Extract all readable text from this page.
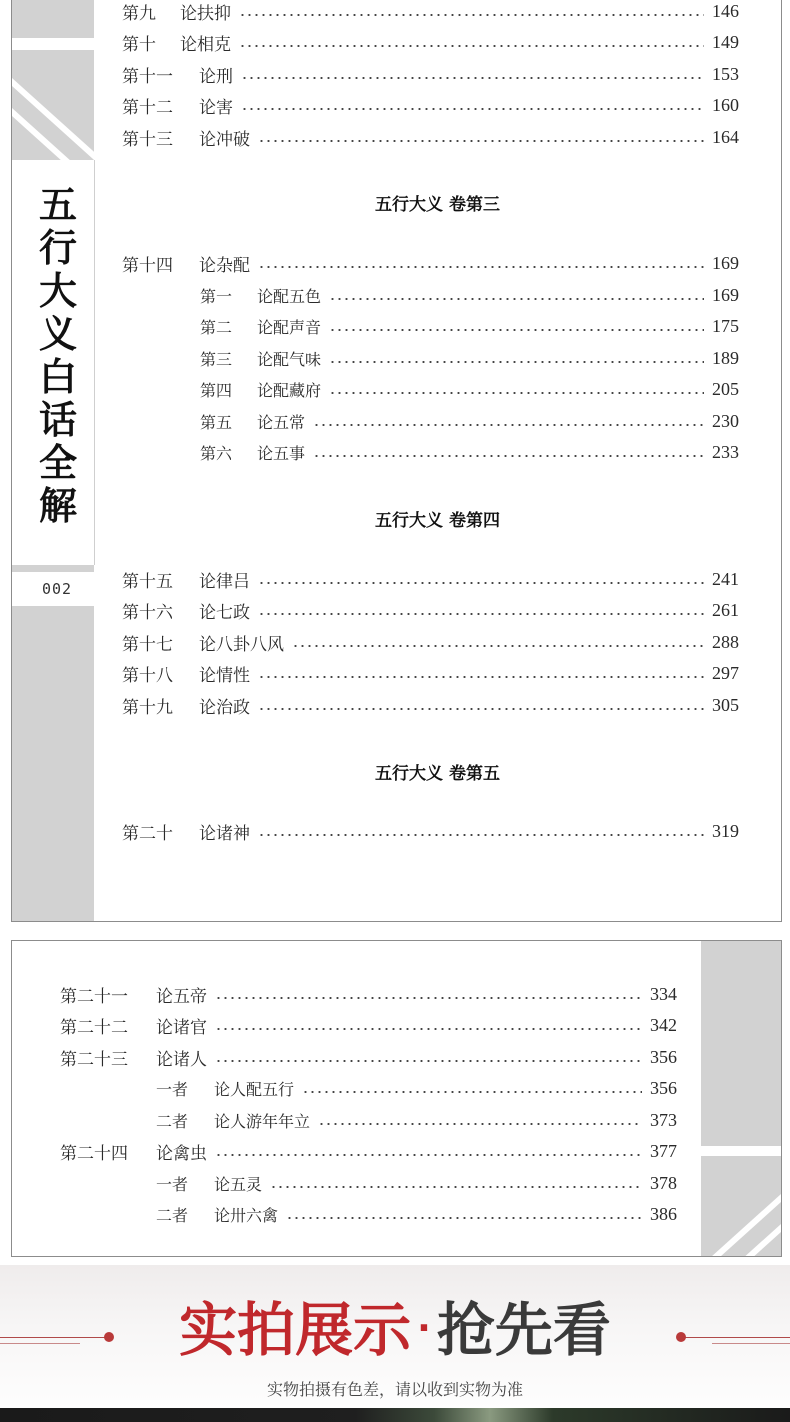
五行大义白话全解
002
第九	论扶抑	146
第十	论相克	149
第十一	论刑	153
第十二	论害	160
第十三	论冲破	164
五行大义 卷第三
第十四	论杂配	169
第一	论配五色	169
第二	论配声音	175
第三	论配气味	189
第四	论配藏府	205
第五	论五常	230
第六	论五事	233
五行大义 卷第四
第十五	论律吕	241
第十六	论七政	261
第十七	论八卦八风	288
第十八	论情性	297
第十九	论治政	305
五行大义 卷第五
第二十	论诸神	319
第二十一	论五帝	334
第二十二	论诸官	342
第二十三	论诸人	356
一者	论人配五行	356
二者	论人游年年立	373
第二十四	论禽虫	377
一者	论五灵	378
二者	论卅六禽	386
实拍展示 · 抢先看
实物拍摄有色差，请以收到实物为准
